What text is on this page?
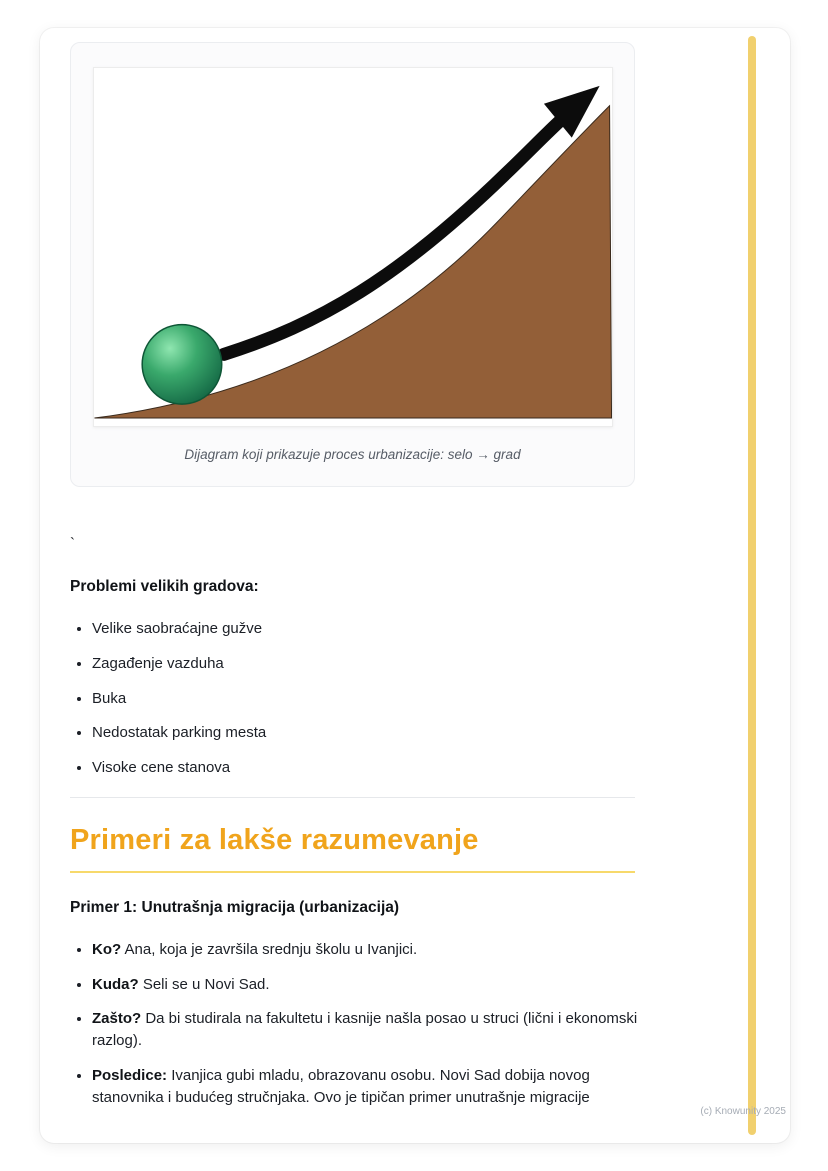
Dijagram koji prikazuje proces urbanizacije: selo → grad

`

Problemi velikih gradova:
• Velike saobraćajne gužve
• Zagađenje vazduha
• Buka
• Nedostatak parking mesta
• Visoke cene stanova
Primeri za lakše razumevanje
Primer 1: Unutrašnja migracija (urbanizacija)
• Ko? Ana, koja je završila srednju školu u Ivanjici.
• Kuda? Seli se u Novi Sad.
• Zašto? Da bi studirala na fakultetu i kasnije našla posao u struci (lični i ekonomski razlog).
• Posledice: Ivanjica gubi mladu, obrazovanu osobu. Novi Sad dobija novog stanovnika i budućeg stručnjaka. Ovo je tipičan primer unutrašnje migracije
(c) Knowunity 2025
